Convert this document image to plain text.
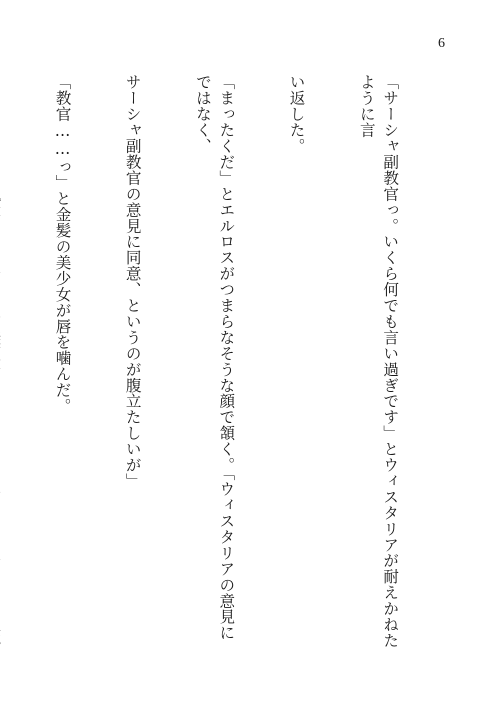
6

「サーシャ副教官っ。いくら何でも言い過ぎです」とウィスタリアが耐えかねたように言

い返した。

「まったくだ」とエルロスがつまらなそうな顔で頷く。「ウィスタリアの意見にではなく、

サーシャ副教官の意見に同意、というのが腹立たしいが」

「教官……っ」と金髪の美少女が唇を噛んだ。
